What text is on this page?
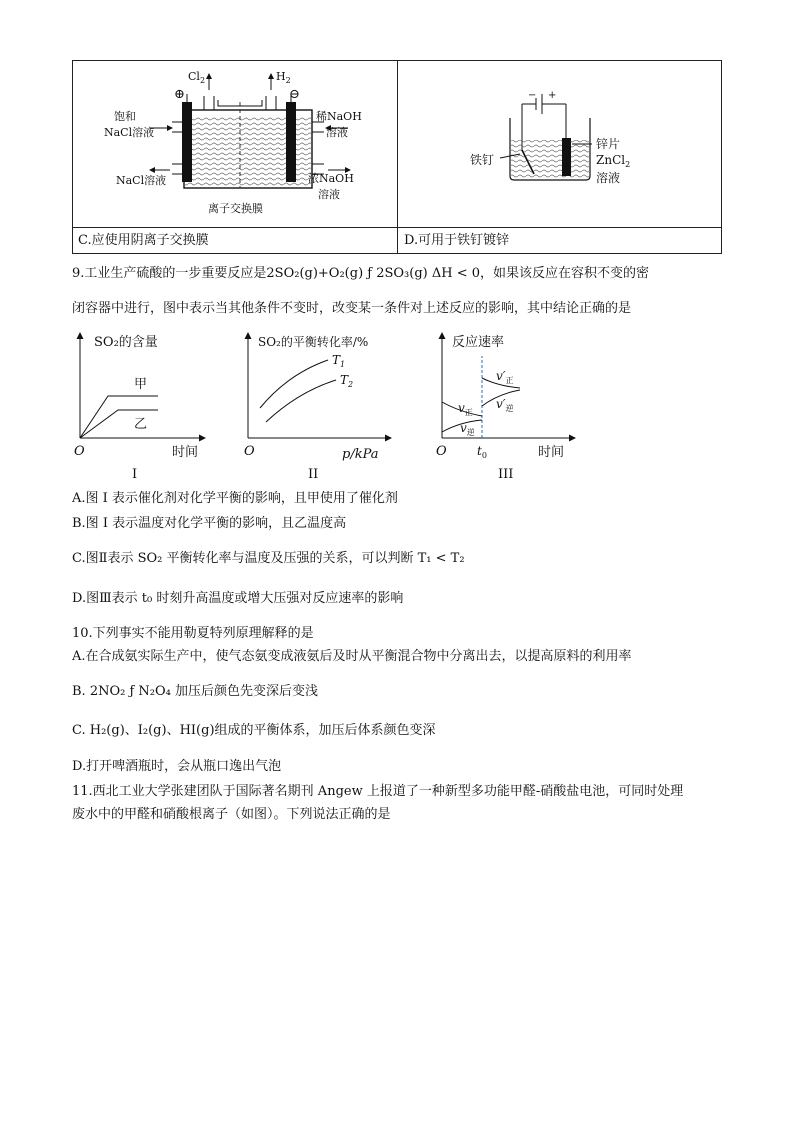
$Cl_2$	$H_2$
⊕	⊖
饱和
NaCl溶液
NaCl溶液
稀NaOH
溶液
浓NaOH
溶液
离子交换膜
− +
铁钉
锌片
ZnCl$_2$
溶液
C.应使用阴离子交换膜	D.可用于铁钉镀锌
9.工业生产硫酸的一步重要反应是2SO₂(g)+O₂(g) ƒ 2SO₃(g) ΔH < 0，如果该反应在容积不变的密
闭容器中进行，图中表示当其他条件不变时，改变某一条件对上述反应的影响，其中结论正确的是
SO₂的含量
甲
乙
O	时间
I
SO₂的平衡转化率/%
$T_1$
$T_2$
O	p/kPa
II
反应速率
$v_正$
$v_逆$
$v'_正$
$v'_逆$
O	$t_0$	时间
III
A.图 I 表示催化剂对化学平衡的影响，且甲使用了催化剂
B.图 I 表示温度对化学平衡的影响，且乙温度高
C.图Ⅱ表示 SO₂ 平衡转化率与温度及压强的关系，可以判断 T₁ < T₂
D.图Ⅲ表示 t₀ 时刻升高温度或增大压强对反应速率的影响
10.下列事实不能用勒夏特列原理解释的是
A.在合成氨实际生产中，使气态氨变成液氨后及时从平衡混合物中分离出去，以提高原料的利用率
B. 2NO₂ ƒ N₂O₄ 加压后颜色先变深后变浅
C. H₂(g)、I₂(g)、HI(g)组成的平衡体系，加压后体系颜色变深
D.打开啤酒瓶时，会从瓶口逸出气泡
11.西北工业大学张建团队于国际著名期刊 Angew 上报道了一种新型多功能甲醛-硝酸盐电池，可同时处理
废水中的甲醛和硝酸根离子（如图）。下列说法正确的是
